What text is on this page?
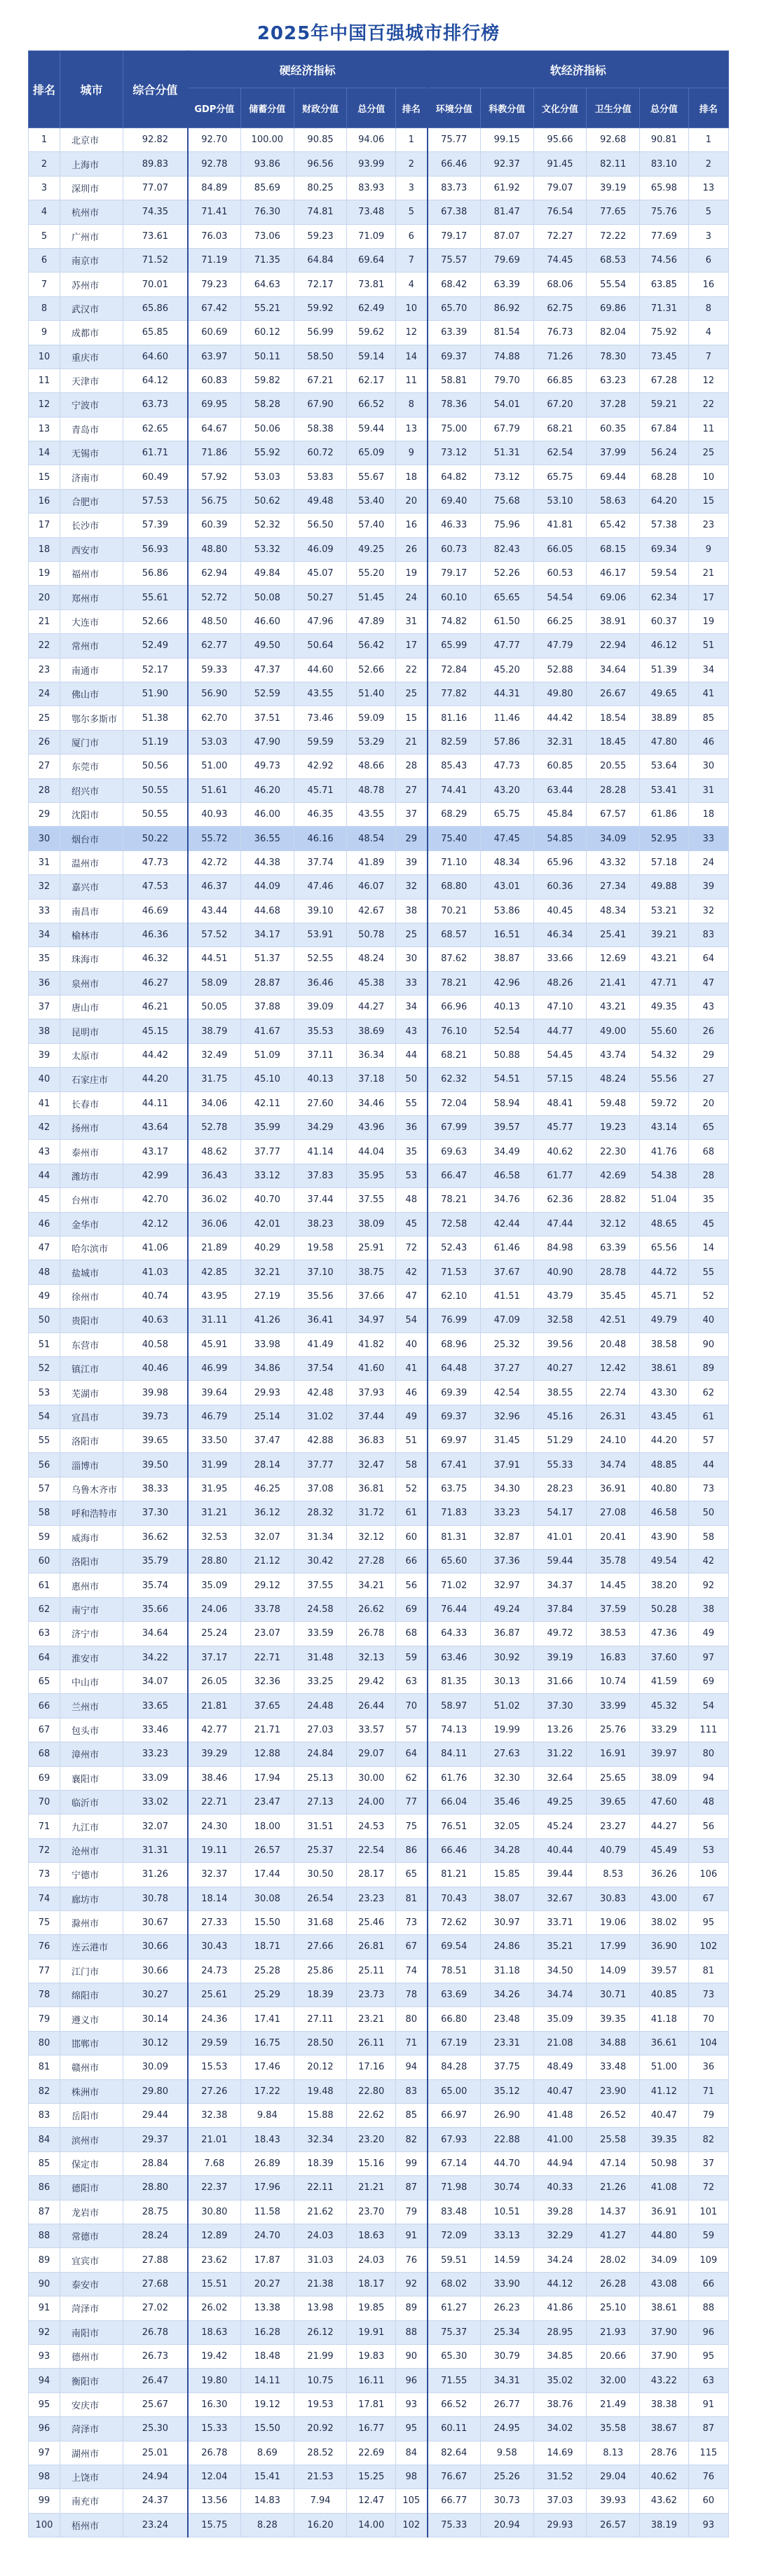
2025年中国百强城市排行榜
排名	城市	综合分值	硬经济指标					软经济指标					
			GDP分值	储蓄分值	财政分值	总分值	排名	环境分值	科教分值	文化分值	卫生分值	总分值	排名
1	北京市	92.82	92.70	100.00	90.85	94.06	1	75.77	99.15	95.66	92.68	90.81	1
2	上海市	89.83	92.78	93.86	96.56	93.99	2	66.46	92.37	91.45	82.11	83.10	2
3	深圳市	77.07	84.89	85.69	80.25	83.93	3	83.73	61.92	79.07	39.19	65.98	13
4	杭州市	74.35	71.41	76.30	74.81	73.48	5	67.38	81.47	76.54	77.65	75.76	5
5	广州市	73.61	76.03	73.06	59.23	71.09	6	79.17	87.07	72.27	72.22	77.69	3
6	南京市	71.52	71.19	71.35	64.84	69.64	7	75.57	79.69	74.45	68.53	74.56	6
7	苏州市	70.01	79.23	64.63	72.17	73.81	4	68.42	63.39	68.06	55.54	63.85	16
8	武汉市	65.86	67.42	55.21	59.92	62.49	10	65.70	86.92	62.75	69.86	71.31	8
9	成都市	65.85	60.69	60.12	56.99	59.62	12	63.39	81.54	76.73	82.04	75.92	4
10	重庆市	64.60	63.97	50.11	58.50	59.14	14	69.37	74.88	71.26	78.30	73.45	7
11	天津市	64.12	60.83	59.82	67.21	62.17	11	58.81	79.70	66.85	63.23	67.28	12
12	宁波市	63.73	69.95	58.28	67.90	66.52	8	78.36	54.01	67.20	37.28	59.21	22
13	青岛市	62.65	64.67	50.06	58.38	59.44	13	75.00	67.79	68.21	60.35	67.84	11
14	无锡市	61.71	71.86	55.92	60.72	65.09	9	73.12	51.31	62.54	37.99	56.24	25
15	济南市	60.49	57.92	53.03	53.83	55.67	18	64.82	73.12	65.75	69.44	68.28	10
16	合肥市	57.53	56.75	50.62	49.48	53.40	20	69.40	75.68	53.10	58.63	64.20	15
17	长沙市	57.39	60.39	52.32	56.50	57.40	16	46.33	75.96	41.81	65.42	57.38	23
18	西安市	56.93	48.80	53.32	46.09	49.25	26	60.73	82.43	66.05	68.15	69.34	9
19	福州市	56.86	62.94	49.84	45.07	55.20	19	79.17	52.26	60.53	46.17	59.54	21
20	郑州市	55.61	52.72	50.08	50.27	51.45	24	60.10	65.65	54.54	69.06	62.34	17
21	大连市	52.66	48.50	46.60	47.96	47.89	31	74.82	61.50	66.25	38.91	60.37	19
22	常州市	52.49	62.77	49.50	50.64	56.42	17	65.99	47.77	47.79	22.94	46.12	51
23	南通市	52.17	59.33	47.37	44.60	52.66	22	72.84	45.20	52.88	34.64	51.39	34
24	佛山市	51.90	56.90	52.59	43.55	51.40	25	77.82	44.31	49.80	26.67	49.65	41
25	鄂尔多斯市	51.38	62.70	37.51	73.46	59.09	15	81.16	11.46	44.42	18.54	38.89	85
26	厦门市	51.19	53.03	47.90	59.59	53.29	21	82.59	57.86	32.31	18.45	47.80	46
27	东莞市	50.56	51.00	49.73	42.92	48.66	28	85.43	47.73	60.85	20.55	53.64	30
28	绍兴市	50.55	51.61	46.20	45.71	48.78	27	74.41	43.20	63.44	28.28	53.41	31
29	沈阳市	50.55	40.93	46.00	46.35	43.55	37	68.29	65.75	45.84	67.57	61.86	18
30	烟台市	50.22	55.72	36.55	46.16	48.54	29	75.40	47.45	54.85	34.09	52.95	33
31	温州市	47.73	42.72	44.38	37.74	41.89	39	71.10	48.34	65.96	43.32	57.18	24
32	嘉兴市	47.53	46.37	44.09	47.46	46.07	32	68.80	43.01	60.36	27.34	49.88	39
33	南昌市	46.69	43.44	44.68	39.10	42.67	38	70.21	53.86	40.45	48.34	53.21	32
34	榆林市	46.36	57.52	34.17	53.91	50.78	25	68.57	16.51	46.34	25.41	39.21	83
35	珠海市	46.32	44.51	51.37	52.55	48.24	30	87.62	38.87	33.66	12.69	43.21	64
36	泉州市	46.27	58.09	28.87	36.46	45.38	33	78.21	42.96	48.26	21.41	47.71	47
37	唐山市	46.21	50.05	37.88	39.09	44.27	34	66.96	40.13	47.10	43.21	49.35	43
38	昆明市	45.15	38.79	41.67	35.53	38.69	43	76.10	52.54	44.77	49.00	55.60	26
39	太原市	44.42	32.49	51.09	37.11	36.34	44	68.21	50.88	54.45	43.74	54.32	29
40	石家庄市	44.20	31.75	45.10	40.13	37.18	50	62.32	54.51	57.15	48.24	55.56	27
41	长春市	44.11	34.06	42.11	27.60	34.46	55	72.04	58.94	48.41	59.48	59.72	20
42	扬州市	43.64	52.78	35.99	34.29	43.96	36	67.99	39.57	45.77	19.23	43.14	65
43	泰州市	43.17	48.62	37.77	41.14	44.04	35	69.63	34.49	40.62	22.30	41.76	68
44	潍坊市	42.99	36.43	33.12	37.83	35.95	53	66.47	46.58	61.77	42.69	54.38	28
45	台州市	42.70	36.02	40.70	37.44	37.55	48	78.21	34.76	62.36	28.82	51.04	35
46	金华市	42.12	36.06	42.01	38.23	38.09	45	72.58	42.44	47.44	32.12	48.65	45
47	哈尔滨市	41.06	21.89	40.29	19.58	25.91	72	52.43	61.46	84.98	63.39	65.56	14
48	盐城市	41.03	42.85	32.21	37.10	38.75	42	71.53	37.67	40.90	28.78	44.72	55
49	徐州市	40.74	43.95	27.19	35.56	37.66	47	62.10	41.51	43.79	35.45	45.71	52
50	贵阳市	40.63	31.11	41.26	36.41	34.97	54	76.99	47.09	32.58	42.51	49.79	40
51	东营市	40.58	45.91	33.98	41.49	41.82	40	68.96	25.32	39.56	20.48	38.58	90
52	镇江市	40.46	46.99	34.86	37.54	41.60	41	64.48	37.27	40.27	12.42	38.61	89
53	芜湖市	39.98	39.64	29.93	42.48	37.93	46	69.39	42.54	38.55	22.74	43.30	62
54	宜昌市	39.73	46.79	25.14	31.02	37.44	49	69.37	32.96	45.16	26.31	43.45	61
55	洛阳市	39.65	33.50	37.47	42.88	36.83	51	69.97	31.45	51.29	24.10	44.20	57
56	淄博市	39.50	31.99	28.14	37.77	32.47	58	67.41	37.91	55.33	34.74	48.85	44
57	乌鲁木齐市	38.33	31.95	46.25	37.08	36.81	52	63.75	34.30	28.23	36.91	40.80	73
58	呼和浩特市	37.30	31.21	36.12	28.32	31.72	61	71.83	33.23	54.17	27.08	46.58	50
59	威海市	36.62	32.53	32.07	31.34	32.12	60	81.31	32.87	41.01	20.41	43.90	58
60	洛阳市	35.79	28.80	21.12	30.42	27.28	66	65.60	37.36	59.44	35.78	49.54	42
61	惠州市	35.74	35.09	29.12	37.55	34.21	56	71.02	32.97	34.37	14.45	38.20	92
62	南宁市	35.66	24.06	33.78	24.58	26.62	69	76.44	49.24	37.84	37.59	50.28	38
63	济宁市	34.64	25.24	23.07	33.59	26.78	68	64.33	36.87	49.72	38.53	47.36	49
64	淮安市	34.22	37.17	22.71	31.48	32.13	59	63.46	30.92	39.19	16.83	37.60	97
65	中山市	34.07	26.05	32.36	33.25	29.42	63	81.35	30.13	31.66	10.74	41.59	69
66	兰州市	33.65	21.81	37.65	24.48	26.44	70	58.97	51.02	37.30	33.99	45.32	54
67	包头市	33.46	42.77	21.71	27.03	33.57	57	74.13	19.99	13.26	25.76	33.29	111
68	漳州市	33.23	39.29	12.88	24.84	29.07	64	84.11	27.63	31.22	16.91	39.97	80
69	襄阳市	33.09	38.46	17.94	25.13	30.00	62	61.76	32.30	32.64	25.65	38.09	94
70	临沂市	33.02	22.71	23.47	27.13	24.00	77	66.04	35.46	49.25	39.65	47.60	48
71	九江市	32.07	24.30	18.00	31.51	24.53	75	76.51	32.05	45.24	23.27	44.27	56
72	沧州市	31.31	19.11	26.57	25.37	22.54	86	66.46	34.28	40.44	40.79	45.49	53
73	宁德市	31.26	32.37	17.44	30.50	28.17	65	81.21	15.85	39.44	8.53	36.26	106
74	廊坊市	30.78	18.14	30.08	26.54	23.23	81	70.43	38.07	32.67	30.83	43.00	67
75	滁州市	30.67	27.33	15.50	31.68	25.46	73	72.62	30.97	33.71	19.06	38.02	95
76	连云港市	30.66	30.43	18.71	27.66	26.81	67	69.54	24.86	35.21	17.99	36.90	102
77	江门市	30.66	24.73	25.28	25.86	25.11	74	78.51	31.18	34.50	14.09	39.57	81
78	绵阳市	30.27	25.61	25.29	18.39	23.73	78	63.69	34.26	34.74	30.71	40.85	73
79	遵义市	30.14	24.36	17.41	27.11	23.21	80	66.80	23.48	35.09	39.35	41.18	70
80	邯郸市	30.12	29.59	16.75	28.50	26.11	71	67.19	23.31	21.08	34.88	36.61	104
81	赣州市	30.09	15.53	17.46	20.12	17.16	94	84.28	37.75	48.49	33.48	51.00	36
82	株洲市	29.80	27.26	17.22	19.48	22.80	83	65.00	35.12	40.47	23.90	41.12	71
83	岳阳市	29.44	32.38	9.84	15.88	22.62	85	66.97	26.90	41.48	26.52	40.47	79
84	滨州市	29.37	21.01	18.43	32.34	23.20	82	67.93	22.88	41.00	25.58	39.35	82
85	保定市	28.84	7.68	26.89	18.39	15.16	99	67.14	44.70	44.94	47.14	50.98	37
86	德阳市	28.80	22.37	17.96	22.11	21.21	87	71.98	30.74	40.33	21.26	41.08	72
87	龙岩市	28.75	30.80	11.58	21.62	23.70	79	83.48	10.51	39.28	14.37	36.91	101
88	常德市	28.24	12.89	24.70	24.03	18.63	91	72.09	33.13	32.29	41.27	44.80	59
89	宜宾市	27.88	23.62	17.87	31.03	24.03	76	59.51	14.59	34.24	28.02	34.09	109
90	泰安市	27.68	15.51	20.27	21.38	18.17	92	68.02	33.90	44.12	26.28	43.08	66
91	菏泽市	27.02	26.02	13.38	13.98	19.85	89	61.27	26.23	41.86	25.10	38.61	88
92	南阳市	26.78	18.63	16.28	26.12	19.91	88	75.37	25.34	28.95	21.93	37.90	96
93	德州市	26.73	19.42	18.48	21.99	19.83	90	65.30	30.79	34.85	20.66	37.90	95
94	衡阳市	26.47	19.80	14.11	10.75	16.11	96	71.55	34.31	35.02	32.00	43.22	63
95	安庆市	25.67	16.30	19.12	19.53	17.81	93	66.52	26.77	38.76	21.49	38.38	91
96	菏泽市	25.30	15.33	15.50	20.92	16.77	95	60.11	24.95	34.02	35.58	38.67	87
97	湖州市	25.01	26.78	8.69	28.52	22.69	84	82.64	9.58	14.69	8.13	28.76	115
98	上饶市	24.94	12.04	15.41	21.53	15.25	98	76.67	25.26	31.52	29.04	40.62	76
99	南充市	24.37	13.56	14.83	7.94	12.47	105	66.77	30.73	37.03	39.93	43.62	60
100	梧州市	23.24	15.75	8.28	16.20	14.00	102	75.33	20.94	29.93	26.57	38.19	93
